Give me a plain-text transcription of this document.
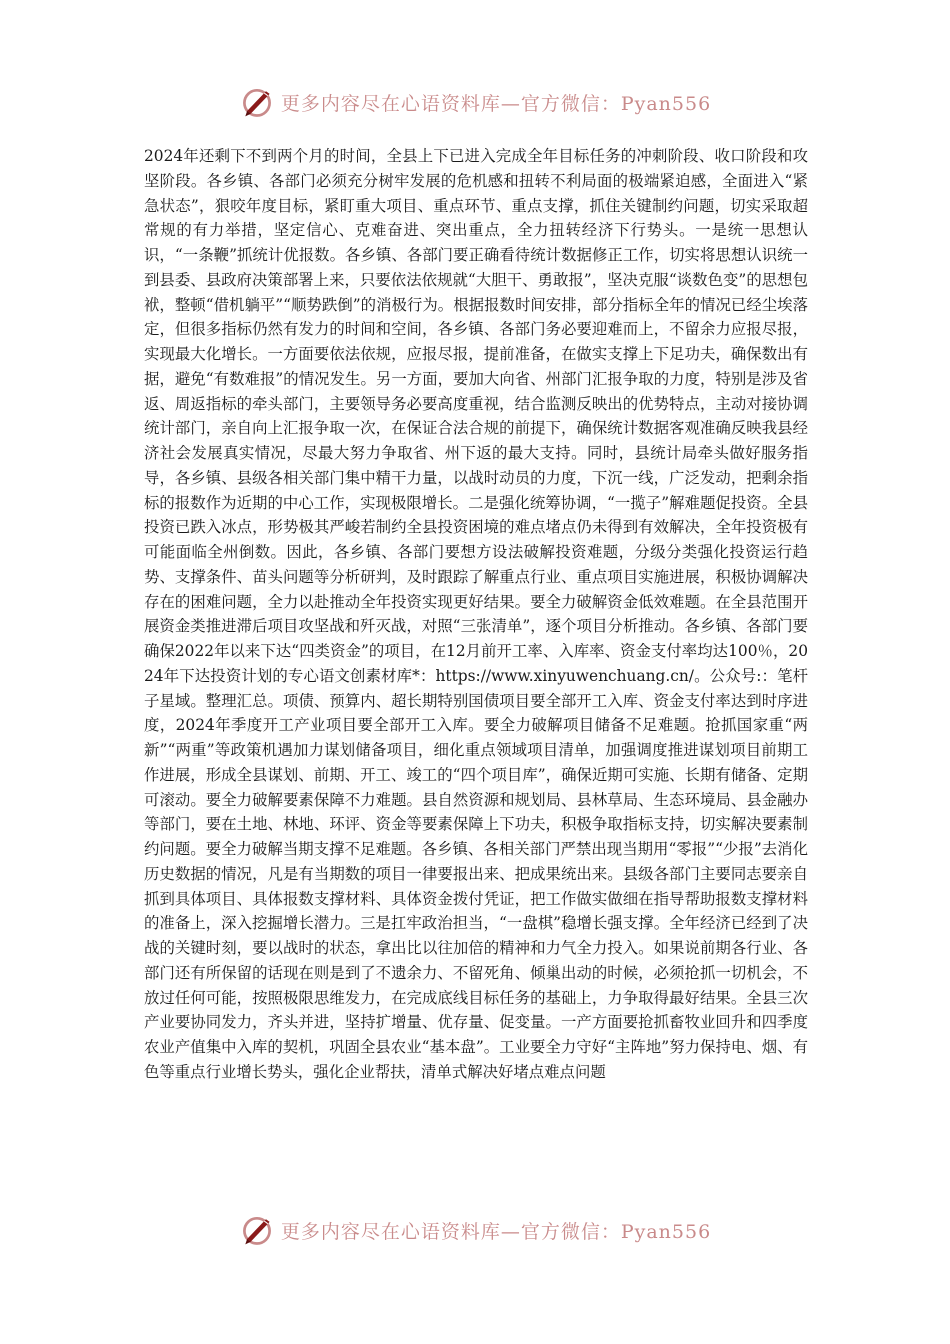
更多内容尽在心语资料库—官方微信：Pyan556

2024年还剩下不到两个月的时间，全县上下已进入完成全年目标任务的冲刺阶段、收口阶段和攻坚阶段。各乡镇、各部门必须充分树牢发展的危机感和扭转不利局面的极端紧迫感，全面进入“紧急状态”，狠咬年度目标，紧盯重大项目、重点环节、重点支撑，抓住关键制约问题，切实采取超常规的有力举措，坚定信心、克难奋进、突出重点，全力扭转经济下行势头。一是统一思想认识，“一条鞭”抓统计优报数。各乡镇、各部门要正确看待统计数据修正工作，切实将思想认识统一到县委、县政府决策部署上来，只要依法依规就“大胆干、勇敢报”，坚决克服“谈数色变”的思想包袱，整顿“借机躺平”“顺势跌倒”的消极行为。根据报数时间安排，部分指标全年的情况已经尘埃落定，但很多指标仍然有发力的时间和空间，各乡镇、各部门务必要迎难而上，不留余力应报尽报，实现最大化增长。一方面要依法依规，应报尽报，提前准备，在做实支撑上下足功夫，确保数出有据，避免“有数难报”的情况发生。另一方面，要加大向省、州部门汇报争取的力度，特别是涉及省返、周返指标的牵头部门，主要领导务必要高度重视，结合监测反映出的优势特点，主动对接协调统计部门，亲自向上汇报争取一次，在保证合法合规的前提下，确保统计数据客观准确反映我县经济社会发展真实情况，尽最大努力争取省、州下返的最大支持。同时，县统计局牵头做好服务指导，各乡镇、县级各相关部门集中精干力量，以战时动员的力度，下沉一线，广泛发动，把剩余指标的报数作为近期的中心工作，实现极限增长。二是强化统筹协调，“一揽子”解难题促投资。全县投资已跌入冰点，形势极其严峻若制约全县投资困境的难点堵点仍未得到有效解决，全年投资极有可能面临全州倒数。因此，各乡镇、各部门要想方设法破解投资难题，分级分类强化投资运行趋势、支撑条件、苗头问题等分析研判，及时跟踪了解重点行业、重点项目实施进展，积极协调解决存在的困难问题，全力以赴推动全年投资实现更好结果。要全力破解资金低效难题。在全县范围开展资金类推进滞后项目攻坚战和歼灭战，对照“三张清单”，逐个项目分析推动。各乡镇、各部门要确保2022年以来下达“四类资金”的项目，在12月前开工率、入库率、资金支付率均达100％，2024年下达投资计划的专心语文创素材库*：https://www.xinyuwenchuang.cn/。公众号:：笔杆子星域。整理汇总。项债、预算内、超长期特别国债项目要全部开工入库、资金支付率达到时序进度，2024年季度开工产业项目要全部开工入库。要全力破解项目储备不足难题。抢抓国家重“两新”“两重”等政策机遇加力谋划储备项目，细化重点领域项目清单，加强调度推进谋划项目前期工作进展，形成全县谋划、前期、开工、竣工的“四个项目库”，确保近期可实施、长期有储备、定期可滚动。要全力破解要素保障不力难题。县自然资源和规划局、县林草局、生态环境局、县金融办等部门，要在土地、林地、环评、资金等要素保障上下功夫，积极争取指标支持，切实解决要素制约问题。要全力破解当期支撑不足难题。各乡镇、各相关部门严禁出现当期用“零报”“少报”去消化历史数据的情况，凡是有当期数的项目一律要报出来、把成果统出来。县级各部门主要同志要亲自抓到具体项目、具体报数支撑材料、具体资金拨付凭证，把工作做实做细在指导帮助报数支撑材料的准备上，深入挖掘增长潜力。三是扛牢政治担当，“一盘棋”稳增长强支撑。全年经济已经到了决战的关键时刻，要以战时的状态，拿出比以往加倍的精神和力气全力投入。如果说前期各行业、各部门还有所保留的话现在则是到了不遗余力、不留死角、倾巢出动的时候，必须抢抓一切机会，不放过任何可能，按照极限思维发力，在完成底线目标任务的基础上，力争取得最好结果。全县三次产业要协同发力，齐头并进，坚持扩增量、优存量、促变量。一产方面要抢抓畜牧业回升和四季度农业产值集中入库的契机，巩固全县农业“基本盘”。工业要全力守好“主阵地”努力保持电、烟、有色等重点行业增长势头，强化企业帮扶，清单式解决好堵点难点问题

更多内容尽在心语资料库—官方微信：Pyan556
